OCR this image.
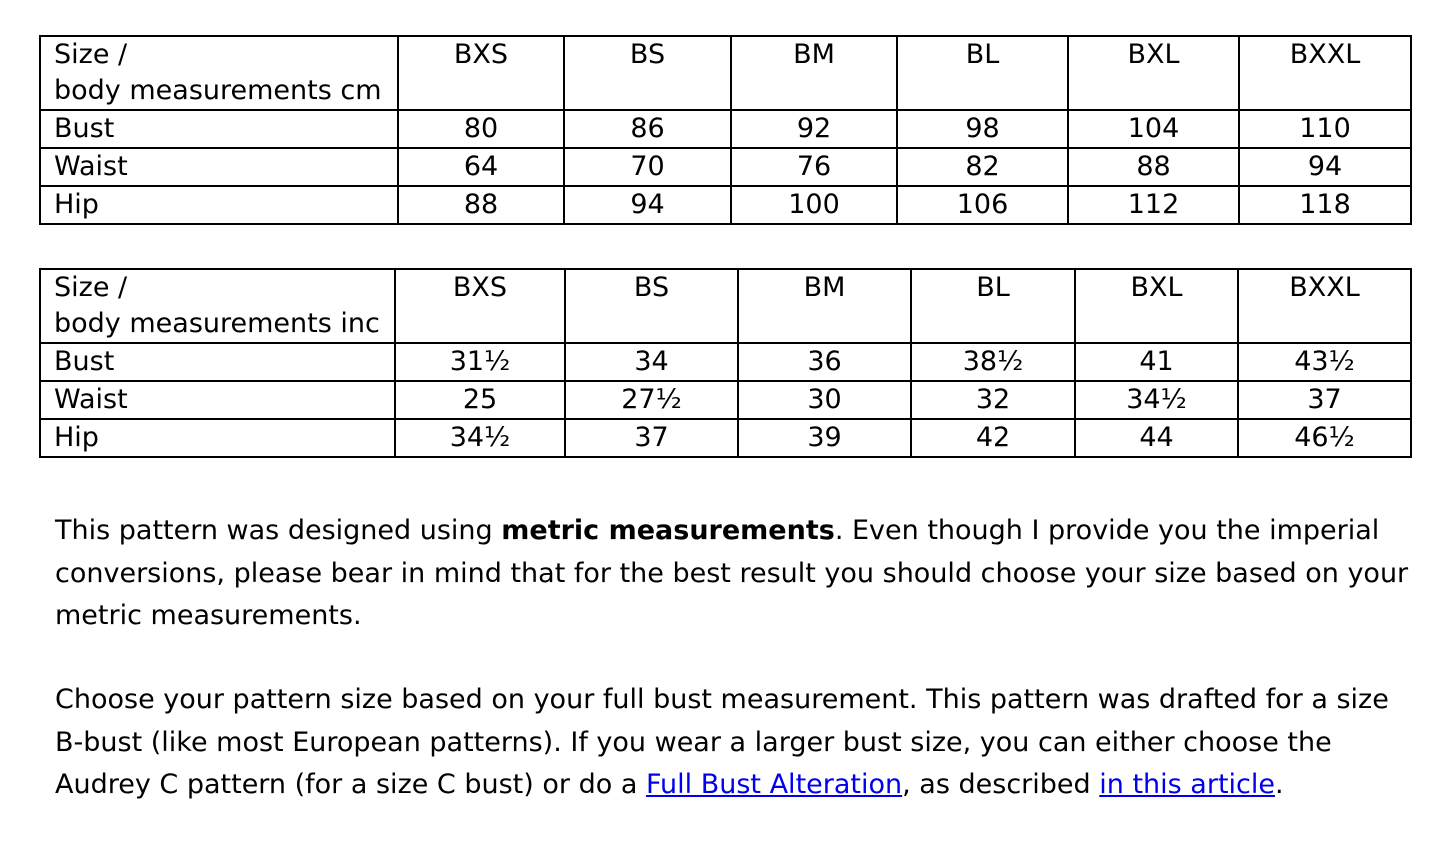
Size /
body measurements cm	BXS	BS	BM	BL	BXL	BXXL
Bust	80	86	92	98	104	110
Waist	64	70	76	82	88	94
Hip	88	94	100	106	112	118
Size /
body measurements inc	BXS	BS	BM	BL	BXL	BXXL
Bust	31½	34	36	38½	41	43½
Waist	25	27½	30	32	34½	37
Hip	34½	37	39	42	44	46½

This pattern was designed using metric measurements. Even though I provide you the imperial conversions, please bear in mind that for the best result you should choose your size based on your metric measurements.

Choose your pattern size based on your full bust measurement. This pattern was drafted for a size B-bust (like most European patterns). If you wear a larger bust size, you can either choose the Audrey C pattern (for a size C bust) or do a Full Bust Alteration, as described in this article.
